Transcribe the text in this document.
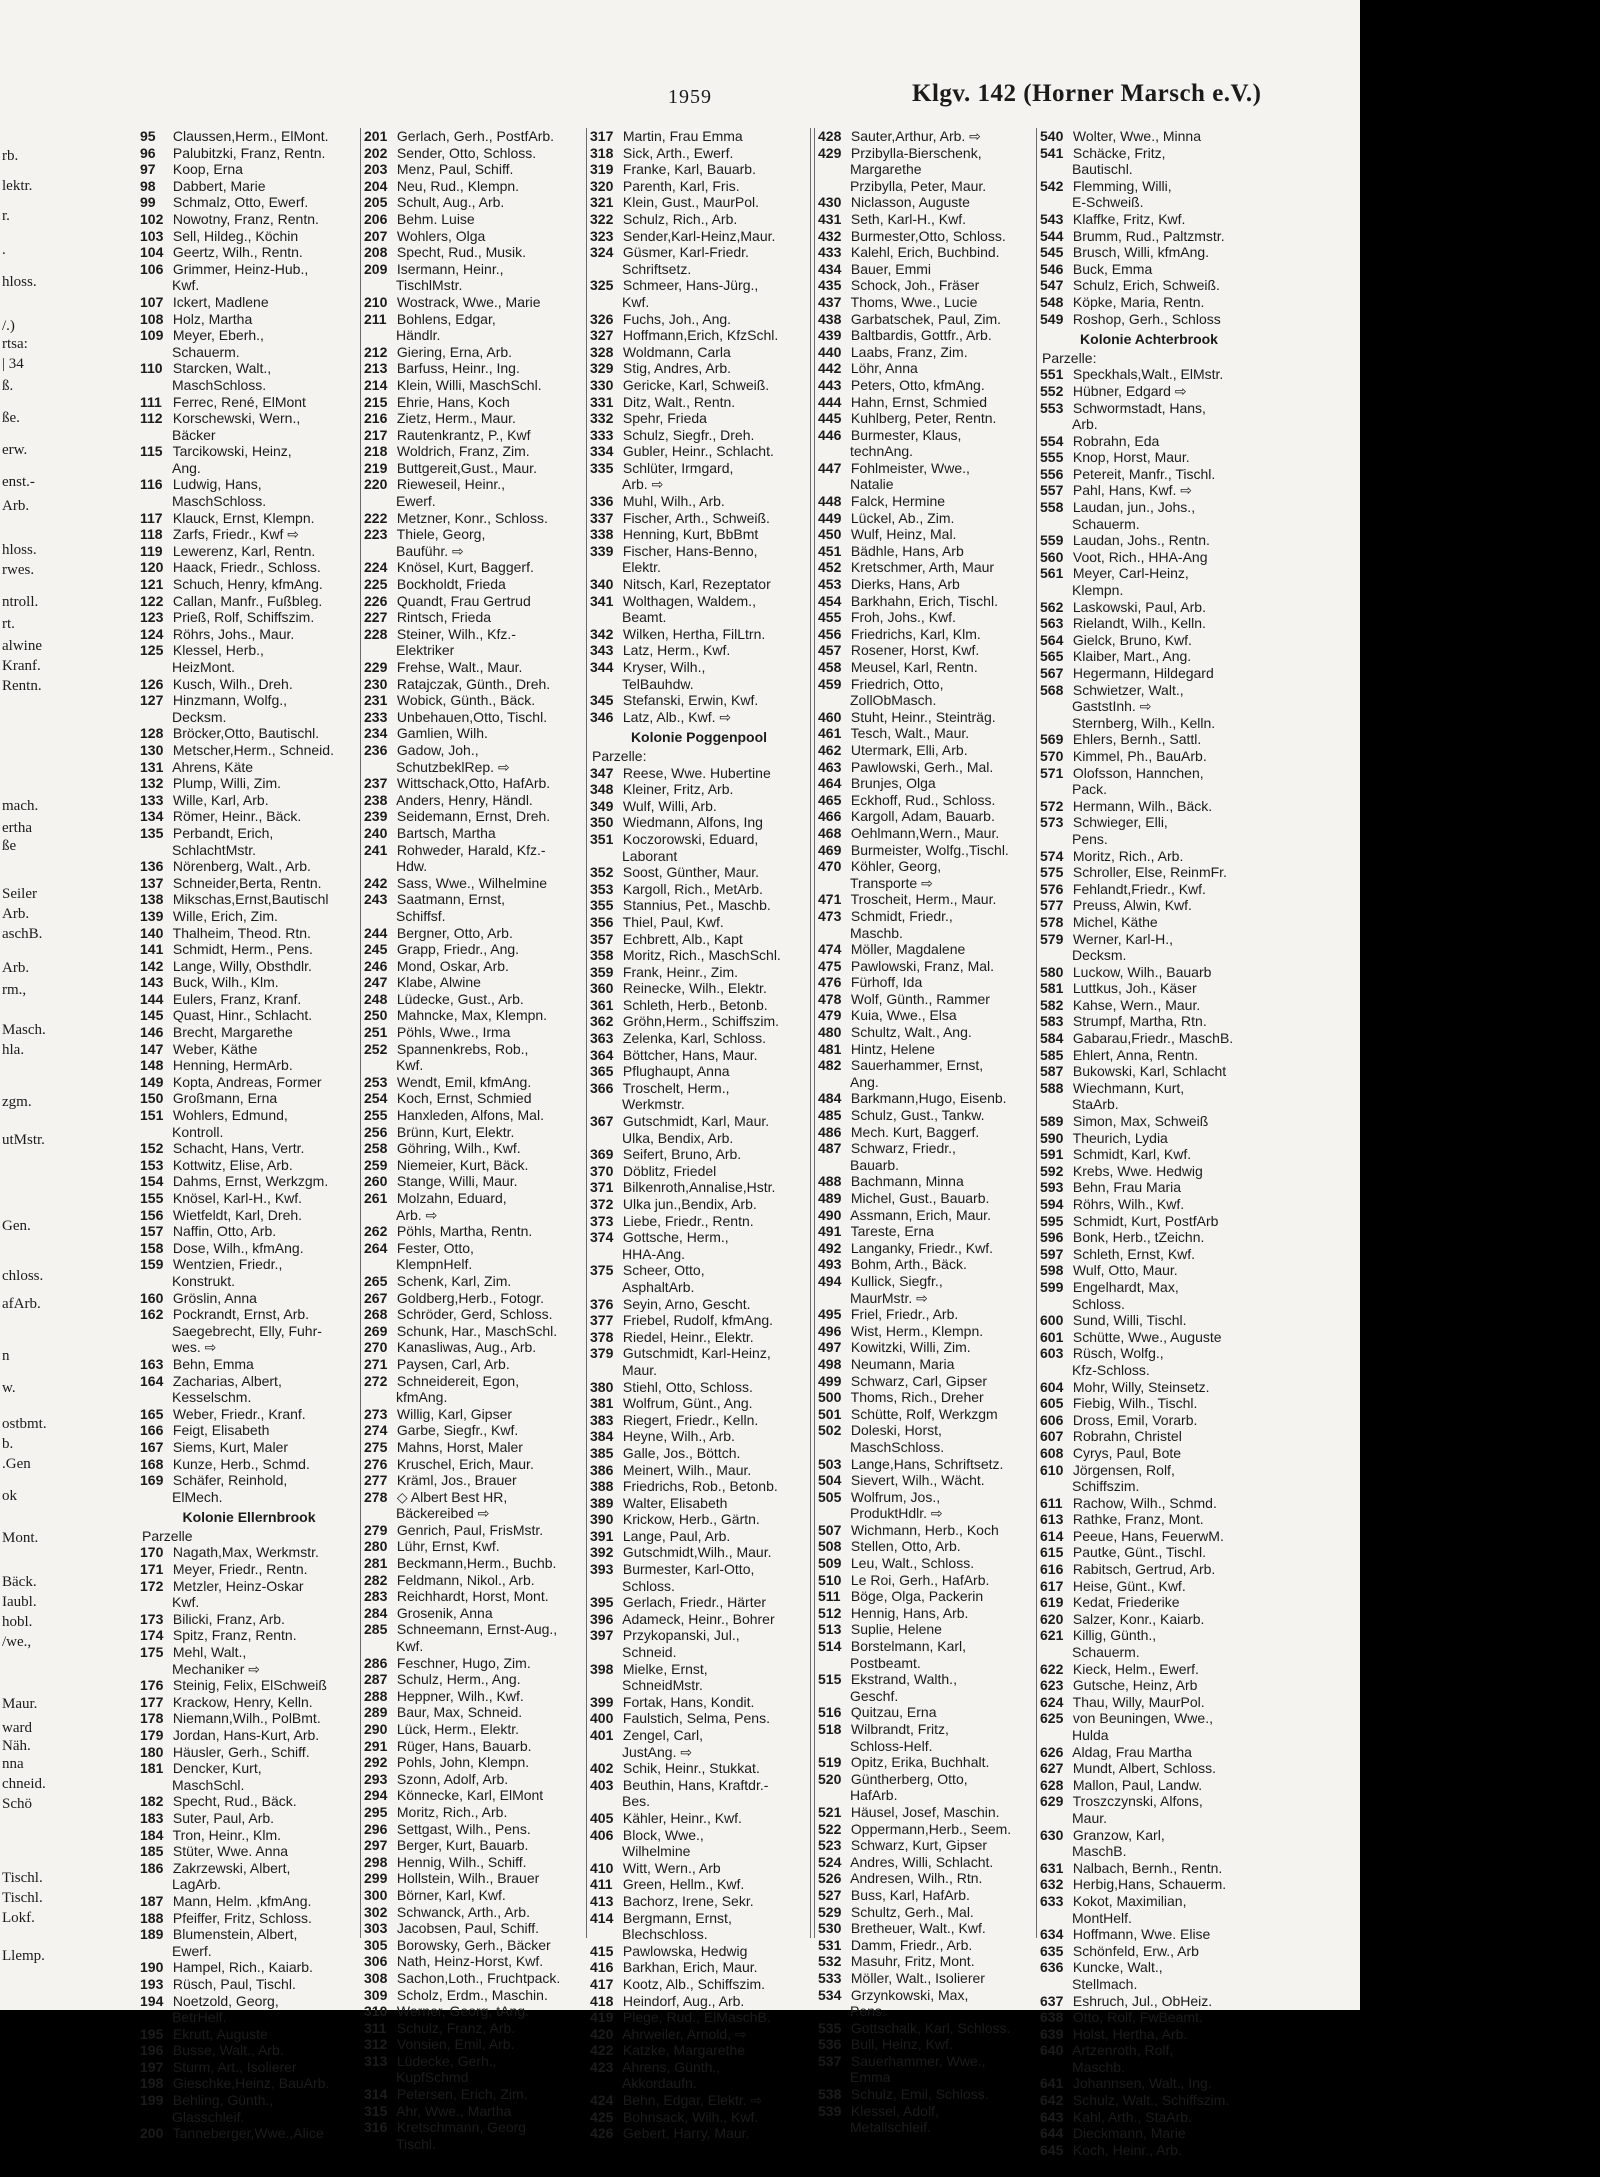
rb.
lektr.
r.
.
hloss.
/.)
rtsa:
| 34
ß.
ße.
erw.
enst.-
Arb.
hloss.
rwes.
ntroll.
rt.
alwine
Kranf.
Rentn.
mach.
ertha
ße
Seiler
Arb.
aschB.
Arb.
rm.,
Masch.
hla.
zgm.
utMstr.
Gen.
chloss.
afArb.
n
w.
ostbmt.
b.
.Gen
ok
Mont.
Bäck.
Iaubl.
hobl.
/we.,
Maur.
ward
Näh.
nna
chneid.
Schö
Tischl.
Tischl.
Lokf.
Llemp.
1959	Klgv. 142 (Horner Marsch e.V.)
95 Claussen,Herm., ElMont.
96 Palubitzki, Franz, Rentn.
97 Koop, Erna
98 Dabbert, Marie
99 Schmalz, Otto, Ewerf.
102 Nowotny, Franz, Rentn.
103 Sell, Hildeg., Köchin
104 Geertz, Wilh., Rentn.
106 Grimmer, Heinz-Hub.,
Kwf.
107 Ickert, Madlene
108 Holz, Martha
109 Meyer, Eberh.,
Schauerm.
110 Starcken, Walt.,
MaschSchloss.
111 Ferrec, René, ElMont
112 Korschewski, Wern.,
Bäcker
115 Tarcikowski, Heinz,
Ang.
116 Ludwig, Hans,
MaschSchloss.
117 Klauck, Ernst, Klempn.
118 Zarfs, Friedr., Kwf ⇨
119 Lewerenz, Karl, Rentn.
120 Haack, Friedr., Schloss.
121 Schuch, Henry, kfmAng.
122 Callan, Manfr., Fußbleg.
123 Prieß, Rolf, Schiffszim.
124 Röhrs, Johs., Maur.
125 Klessel, Herb.,
HeizMont.
126 Kusch, Wilh., Dreh.
127 Hinzmann, Wolfg.,
Decksm.
128 Bröcker,Otto, Bautischl.
130 Metscher,Herm., Schneid.
131 Ahrens, Käte
132 Plump, Willi, Zim.
133 Wille, Karl, Arb.
134 Römer, Heinr., Bäck.
135 Perbandt, Erich,
SchlachtMstr.
136 Nörenberg, Walt., Arb.
137 Schneider,Berta, Rentn.
138 Mikschas,Ernst,Bautischl
139 Wille, Erich, Zim.
140 Thalheim, Theod. Rtn.
141 Schmidt, Herm., Pens.
142 Lange, Willy, Obsthdlr.
143 Buck, Wilh., Klm.
144 Eulers, Franz, Kranf.
145 Quast, Hinr., Schlacht.
146 Brecht, Margarethe
147 Weber, Käthe
148 Henning, HermArb.
149 Kopta, Andreas, Former
150 Großmann, Erna
151 Wohlers, Edmund,
Kontroll.
152 Schacht, Hans, Vertr.
153 Kottwitz, Elise, Arb.
154 Dahms, Ernst, Werkzgm.
155 Knösel, Karl-H., Kwf.
156 Wietfeldt, Karl, Dreh.
157 Naffin, Otto, Arb.
158 Dose, Wilh., kfmAng.
159 Wentzien, Friedr.,
Konstrukt.
160 Gröslin, Anna
162 Pockrandt, Ernst, Arb.
Saegebrecht, Elly, Fuhr-
wes. ⇨
163 Behn, Emma
164 Zacharias, Albert,
Kesselschm.
165 Weber, Friedr., Kranf.
166 Feigt, Elisabeth
167 Siems, Kurt, Maler
168 Kunze, Herb., Schmd.
169 Schäfer, Reinhold,
ElMech.
Kolonie Ellernbrook
Parzelle
170 Nagath,Max, Werkmstr.
171 Meyer, Friedr., Rentn.
172 Metzler, Heinz-Oskar
Kwf.
173 Bilicki, Franz, Arb.
174 Spitz, Franz, Rentn.
175 Mehl, Walt.,
Mechaniker ⇨
176 Steinig, Felix, ElSchweiß
177 Krackow, Henry, Kelln.
178 Niemann,Wilh., PolBmt.
179 Jordan, Hans-Kurt, Arb.
180 Häusler, Gerh., Schiff.
181 Dencker, Kurt,
MaschSchl.
182 Specht, Rud., Bäck.
183 Suter, Paul, Arb.
184 Tron, Heinr., Klm.
185 Stüter, Wwe. Anna
186 Zakrzewski, Albert,
LagArb.
187 Mann, Helm. ,kfmAng.
188 Pfeiffer, Fritz, Schloss.
189 Blumenstein, Albert,
Ewerf.
190 Hampel, Rich., Kaiarb.
193 Rüsch, Paul, Tischl.
194 Noetzold, Georg,
BetrHelf.
195 Ekrutt, Auguste
196 Busse, Walt., Arb.
197 Sturm, Art., Isolierer
198 Gieschke,Heinz, BauArb.
199 Behling, Günth.,
Glasschleif.
200 Tanneberger,Wwe.,Alice
201 Gerlach, Gerh., PostfArb.
202 Sender, Otto, Schloss.
203 Menz, Paul, Schiff.
204 Neu, Rud., Klempn.
205 Schult, Aug., Arb.
206 Behm. Luise
207 Wohlers, Olga
208 Specht, Rud., Musik.
209 Isermann, Heinr.,
TischlMstr.
210 Wostrack, Wwe., Marie
211 Bohlens, Edgar,
Händlr.
212 Giering, Erna, Arb.
213 Barfuss, Heinr., Ing.
214 Klein, Willi, MaschSchl.
215 Ehrie, Hans, Koch
216 Zietz, Herm., Maur.
217 Rautenkrantz, P., Kwf
218 Woldrich, Franz, Zim.
219 Buttgereit,Gust., Maur.
220 Rieweseil, Heinr.,
Ewerf.
222 Metzner, Konr., Schloss.
223 Thiele, Georg,
Bauführ. ⇨
224 Knösel, Kurt, Baggerf.
225 Bockholdt, Frieda
226 Quandt, Frau Gertrud
227 Rintsch, Frieda
228 Steiner, Wilh., Kfz.-
Elektriker
229 Frehse, Walt., Maur.
230 Ratajczak, Günth., Dreh.
231 Wobick, Günth., Bäck.
233 Unbehauen,Otto, Tischl.
234 Gamlien, Wilh.
236 Gadow, Joh.,
SchutzbeklRep. ⇨
237 Wittschack,Otto, HafArb.
238 Anders, Henry, Händl.
239 Seidemann, Ernst, Dreh.
240 Bartsch, Martha
241 Rohweder, Harald, Kfz.-
Hdw.
242 Sass, Wwe., Wilhelmine
243 Saatmann, Ernst,
Schiffsf.
244 Bergner, Otto, Arb.
245 Grapp, Friedr., Ang.
246 Mond, Oskar, Arb.
247 Klabe, Alwine
248 Lüdecke, Gust., Arb.
250 Mahncke, Max, Klempn.
251 Pöhls, Wwe., Irma
252 Spannenkrebs, Rob.,
Kwf.
253 Wendt, Emil, kfmAng.
254 Koch, Ernst, Schmied
255 Hanxleden, Alfons, Mal.
256 Brünn, Kurt, Elektr.
258 Göhring, Wilh., Kwf.
259 Niemeier, Kurt, Bäck.
260 Stange, Willi, Maur.
261 Molzahn, Eduard,
Arb. ⇨
262 Pöhls, Martha, Rentn.
264 Fester, Otto,
KlempnHelf.
265 Schenk, Karl, Zim.
267 Goldberg,Herb., Fotogr.
268 Schröder, Gerd, Schloss.
269 Schunk, Har., MaschSchl.
270 Kanasliwas, Aug., Arb.
271 Paysen, Carl, Arb.
272 Schneidereit, Egon,
kfmAng.
273 Willig, Karl, Gipser
274 Garbe, Siegfr., Kwf.
275 Mahns, Horst, Maler
276 Kruschel, Erich, Maur.
277 Kräml, Jos., Brauer
278 ◇ Albert Best HR,
Bäckereibed ⇨
279 Genrich, Paul, FrisMstr.
280 Lühr, Ernst, Kwf.
281 Beckmann,Herm., Buchb.
282 Feldmann, Nikol., Arb.
283 Reichhardt, Horst, Mont.
284 Grosenik, Anna
285 Schneemann, Ernst-Aug.,
Kwf.
286 Feschner, Hugo, Zim.
287 Schulz, Herm., Ang.
288 Heppner, Wilh., Kwf.
289 Baur, Max, Schneid.
290 Lück, Herm., Elektr.
291 Rüger, Hans, Bauarb.
292 Pohls, John, Klempn.
293 Szonn, Adolf, Arb.
294 Könnecke, Karl, ElMont
295 Moritz, Rich., Arb.
296 Settgast, Wilh., Pens.
297 Berger, Kurt, Bauarb.
298 Hennig, Wilh., Schiff.
299 Hollstein, Wilh., Brauer
300 Börner, Karl, Kwf.
302 Schwanck, Arth., Arb.
303 Jacobsen, Paul, Schiff.
305 Borowsky, Gerh., Bäcker
306 Nath, Heinz-Horst, Kwf.
308 Sachon,Loth., Fruchtpack.
309 Scholz, Erdm., Maschin.
310 Werner, Georg, tAng.
311 Schulz, Franz, Arb.
312 Vonsien, Emil, Arb.
313 Lüdecke, Gerh.,
KupfSchmd
314 Petersen, Erich, Zim.
315 Ahr, Wwe., Martha
316 Kretschmann, Georg
Tischl.
317 Martin, Frau Emma
318 Sick, Arth., Ewerf.
319 Franke, Karl, Bauarb.
320 Parenth, Karl, Fris.
321 Klein, Gust., MaurPol.
322 Schulz, Rich., Arb.
323 Sender,Karl-Heinz,Maur.
324 Güsmer, Karl-Friedr.
Schriftsetz.
325 Schmeer, Hans-Jürg.,
Kwf.
326 Fuchs, Joh., Ang.
327 Hoffmann,Erich, KfzSchl.
328 Woldmann, Carla
329 Stig, Andres, Arb.
330 Gericke, Karl, Schweiß.
331 Ditz, Walt., Rentn.
332 Spehr, Frieda
333 Schulz, Siegfr., Dreh.
334 Gubler, Heinr., Schlacht.
335 Schlüter, Irmgard,
Arb. ⇨
336 Muhl, Wilh., Arb.
337 Fischer, Arth., Schweiß.
338 Henning, Kurt, BbBmt
339 Fischer, Hans-Benno,
Elektr.
340 Nitsch, Karl, Rezeptator
341 Wolthagen, Waldem.,
Beamt.
342 Wilken, Hertha, FilLtrn.
343 Latz, Herm., Kwf.
344 Kryser, Wilh.,
TelBauhdw.
345 Stefanski, Erwin, Kwf.
346 Latz, Alb., Kwf. ⇨
Kolonie Poggenpool
Parzelle:
347 Reese, Wwe. Hubertine
348 Kleiner, Fritz, Arb.
349 Wulf, Willi, Arb.
350 Wiedmann, Alfons, Ing
351 Koczorowski, Eduard,
Laborant
352 Soost, Günther, Maur.
353 Kargoll, Rich., MetArb.
355 Stannius, Pet., Maschb.
356 Thiel, Paul, Kwf.
357 Echbrett, Alb., Kapt
358 Moritz, Rich., MaschSchl.
359 Frank, Heinr., Zim.
360 Reinecke, Wilh., Elektr.
361 Schleth, Herb., Betonb.
362 Gröhn,Herm., Schiffszim.
363 Zelenka, Karl, Schloss.
364 Böttcher, Hans, Maur.
365 Pflughaupt, Anna
366 Troschelt, Herm.,
Werkmstr.
367 Gutschmidt, Karl, Maur.
Ulka, Bendix, Arb.
369 Seifert, Bruno, Arb.
370 Döblitz, Friedel
371 Bilkenroth,Annalise,Hstr.
372 Ulka jun.,Bendix, Arb.
373 Liebe, Friedr., Rentn.
374 Gottsche, Herm.,
HHA-Ang.
375 Scheer, Otto,
AsphaltArb.
376 Seyin, Arno, Gescht.
377 Friebel, Rudolf, kfmAng.
378 Riedel, Heinr., Elektr.
379 Gutschmidt, Karl-Heinz,
Maur.
380 Stiehl, Otto, Schloss.
381 Wolfrum, Günt., Ang.
383 Riegert, Friedr., Kelln.
384 Heyne, Wilh., Arb.
385 Galle, Jos., Böttch.
386 Meinert, Wilh., Maur.
388 Friedrichs, Rob., Betonb.
389 Walter, Elisabeth
390 Krickow, Herb., Gärtn.
391 Lange, Paul, Arb.
392 Gutschmidt,Wilh., Maur.
393 Burmester, Karl-Otto,
Schloss.
395 Gerlach, Friedr., Härter
396 Adameck, Heinr., Bohrer
397 Przykopanski, Jul.,
Schneid.
398 Mielke, Ernst,
SchneidMstr.
399 Fortak, Hans, Kondit.
400 Faulstich, Selma, Pens.
401 Zengel, Carl,
JustAng. ⇨
402 Schik, Heinr., Stukkat.
403 Beuthin, Hans, Kraftdr.-
Bes.
405 Kähler, Heinr., Kwf.
406 Block, Wwe.,
Wilhelmine
410 Witt, Wern., Arb
411 Green, Hellm., Kwf.
413 Bachorz, Irene, Sekr.
414 Bergmann, Ernst,
Blechschloss.
415 Pawlowska, Hedwig
416 Barkhan, Erich, Maur.
417 Kootz, Alb., Schiffszim.
418 Heindorf, Aug., Arb.
419 Plege, Rud., ElMaschB.
420 Ahrweiler, Arnold, ⇨
422 Katzke, Margarethe
423 Ahrens, Günth.,
Akkordaufn.
424 Behn, Edgar, Elektr. ⇨
425 Bohnsack, Wilh., Kwf.
426 Gebert, Harry, Maur.
428 Sauter,Arthur, Arb. ⇨
429 Przibylla-Bierschenk,
Margarethe
Przibylla, Peter, Maur.
430 Niclasson, Auguste
431 Seth, Karl-H., Kwf.
432 Burmester,Otto, Schloss.
433 Kalehl, Erich, Buchbind.
434 Bauer, Emmi
435 Schock, Joh., Fräser
437 Thoms, Wwe., Lucie
438 Garbatschek, Paul, Zim.
439 Baltbardis, Gottfr., Arb.
440 Laabs, Franz, Zim.
442 Löhr, Anna
443 Peters, Otto, kfmAng.
444 Hahn, Ernst, Schmied
445 Kuhlberg, Peter, Rentn.
446 Burmester, Klaus,
technAng.
447 Fohlmeister, Wwe.,
Natalie
448 Falck, Hermine
449 Lückel, Ab., Zim.
450 Wulf, Heinz, Mal.
451 Bädhle, Hans, Arb
452 Kretschmer, Arth, Maur
453 Dierks, Hans, Arb
454 Barkhahn, Erich, Tischl.
455 Froh, Johs., Kwf.
456 Friedrichs, Karl, Klm.
457 Rosener, Horst, Kwf.
458 Meusel, Karl, Rentn.
459 Friedrich, Otto,
ZollObMasch.
460 Stuht, Heinr., Steinträg.
461 Tesch, Walt., Maur.
462 Utermark, Elli, Arb.
463 Pawlowski, Gerh., Mal.
464 Brunjes, Olga
465 Eckhoff, Rud., Schloss.
466 Kargoll, Adam, Bauarb.
468 Oehlmann,Wern., Maur.
469 Burmeister, Wolfg.,Tischl.
470 Köhler, Georg,
Transporte ⇨
471 Troscheit, Herm., Maur.
473 Schmidt, Friedr.,
Maschb.
474 Möller, Magdalene
475 Pawlowski, Franz, Mal.
476 Fürhoff, Ida
478 Wolf, Günth., Rammer
479 Kuia, Wwe., Elsa
480 Schultz, Walt., Ang.
481 Hintz, Helene
482 Sauerhammer, Ernst,
Ang.
484 Barkmann,Hugo, Eisenb.
485 Schulz, Gust., Tankw.
486 Mech. Kurt, Baggerf.
487 Schwarz, Friedr.,
Bauarb.
488 Bachmann, Minna
489 Michel, Gust., Bauarb.
490 Assmann, Erich, Maur.
491 Tareste, Erna
492 Langanky, Friedr., Kwf.
493 Bohm, Arth., Bäck.
494 Kullick, Siegfr.,
MaurMstr. ⇨
495 Friel, Friedr., Arb.
496 Wist, Herm., Klempn.
497 Kowitzki, Willi, Zim.
498 Neumann, Maria
499 Schwarz, Carl, Gipser
500 Thoms, Rich., Dreher
501 Schütte, Rolf, Werkzgm
502 Doleski, Horst,
MaschSchloss.
503 Lange,Hans, Schriftsetz.
504 Sievert, Wilh., Wächt.
505 Wolfrum, Jos.,
ProduktHdlr. ⇨
507 Wichmann, Herb., Koch
508 Stellen, Otto, Arb.
509 Leu, Walt., Schloss.
510 Le Roi, Gerh., HafArb.
511 Böge, Olga, Packerin
512 Hennig, Hans, Arb.
513 Suplie, Helene
514 Borstelmann, Karl,
Postbeamt.
515 Ekstrand, Walth.,
Geschf.
516 Quitzau, Erna
518 Wilbrandt, Fritz,
Schloss-Helf.
519 Opitz, Erika, Buchhalt.
520 Güntherberg, Otto,
HafArb.
521 Häusel, Josef, Maschin.
522 Oppermann,Herb., Seem.
523 Schwarz, Kurt, Gipser
524 Andres, Willi, Schlacht.
526 Andresen, Wilh., Rtn.
527 Buss, Karl, HafArb.
529 Schultz, Gerh., Mal.
530 Bretheuer, Walt., Kwf.
531 Damm, Friedr., Arb.
532 Masuhr, Fritz, Mont.
533 Möller, Walt., Isolierer
534 Grzynkowski, Max,
Pens.
535 Gottschalk, Karl, Schloss.
536 Bull, Heinz, Kwf.
537 Sauerhammer, Wwe.,
Emma
538 Schulz, Emil, Schloss.
539 Klessel, Adolf,
Metallschleif.
540 Wolter, Wwe., Minna
541 Schäcke, Fritz,
Bautischl.
542 Flemming, Willi,
E-Schweiß.
543 Klaffke, Fritz, Kwf.
544 Brumm, Rud., Paltzmstr.
545 Brusch, Willi, kfmAng.
546 Buck, Emma
547 Schulz, Erich, Schweiß.
548 Köpke, Maria, Rentn.
549 Roshop, Gerh., Schloss
Kolonie Achterbrook
Parzelle:
551 Speckhals,Walt., ElMstr.
552 Hübner, Edgard ⇨
553 Schwormstadt, Hans,
Arb.
554 Robrahn, Eda
555 Knop, Horst, Maur.
556 Petereit, Manfr., Tischl.
557 Pahl, Hans, Kwf. ⇨
558 Laudan, jun., Johs.,
Schauerm.
559 Laudan, Johs., Rentn.
560 Voot, Rich., HHA-Ang
561 Meyer, Carl-Heinz,
Klempn.
562 Laskowski, Paul, Arb.
563 Rielandt, Wilh., Kelln.
564 Gielck, Bruno, Kwf.
565 Klaiber, Mart., Ang.
567 Hegermann, Hildegard
568 Schwietzer, Walt.,
GaststInh. ⇨
Sternberg, Wilh., Kelln.
569 Ehlers, Bernh., Sattl.
570 Kimmel, Ph., BauArb.
571 Olofsson, Hannchen,
Pack.
572 Hermann, Wilh., Bäck.
573 Schwieger, Elli,
Pens.
574 Moritz, Rich., Arb.
575 Schroller, Else, ReinmFr.
576 Fehlandt,Friedr., Kwf.
577 Preuss, Alwin, Kwf.
578 Michel, Käthe
579 Werner, Karl-H.,
Decksm.
580 Luckow, Wilh., Bauarb
581 Luttkus, Joh., Käser
582 Kahse, Wern., Maur.
583 Strumpf, Martha, Rtn.
584 Gabarau,Friedr., MaschB.
585 Ehlert, Anna, Rentn.
587 Bukowski, Karl, Schlacht
588 Wiechmann, Kurt,
StaArb.
589 Simon, Max, Schweiß
590 Theurich, Lydia
591 Schmidt, Karl, Kwf.
592 Krebs, Wwe. Hedwig
593 Behn, Frau Maria
594 Röhrs, Wilh., Kwf.
595 Schmidt, Kurt, PostfArb
596 Bonk, Herb., tZeichn.
597 Schleth, Ernst, Kwf.
598 Wulf, Otto, Maur.
599 Engelhardt, Max,
Schloss.
600 Sund, Willi, Tischl.
601 Schütte, Wwe., Auguste
603 Rüsch, Wolfg.,
Kfz-Schloss.
604 Mohr, Willy, Steinsetz.
605 Fiebig, Wilh., Tischl.
606 Dross, Emil, Vorarb.
607 Robrahn, Christel
608 Cyrys, Paul, Bote
610 Jörgensen, Rolf,
Schiffszim.
611 Rachow, Wilh., Schmd.
613 Rathke, Franz, Mont.
614 Peeue, Hans, FeuerwM.
615 Pautke, Günt., Tischl.
616 Rabitsch, Gertrud, Arb.
617 Heise, Günt., Kwf.
619 Kedat, Friederike
620 Salzer, Konr., Kaiarb.
621 Killig, Günth.,
Schauerm.
622 Kieck, Helm., Ewerf.
623 Gutsche, Heinz, Arb
624 Thau, Willy, MaurPol.
625 von Beuningen, Wwe.,
Hulda
626 Aldag, Frau Martha
627 Mundt, Albert, Schloss.
628 Mallon, Paul, Landw.
629 Troszczynski, Alfons,
Maur.
630 Granzow, Karl,
MaschB.
631 Nalbach, Bernh., Rentn.
632 Herbig,Hans, Schauerm.
633 Kokot, Maximilian,
MontHelf.
634 Hoffmann, Wwe. Elise
635 Schönfeld, Erw., Arb
636 Kuncke, Walt.,
Stellmach.
637 Eshruch, Jul., ObHeiz.
638 Otto, Rolf, FwBeamt.
639 Holst, Hertha, Arb.
640 Artzenroth, Rolf,
Maschb.
641 Johannsen, Walt., Ing.
642 Schulz, Walt., Schiffszim.
643 Kahl, Arth., StaArb.
644 Dieckmann, Marie
645 Koch, Heinr., Arb.
